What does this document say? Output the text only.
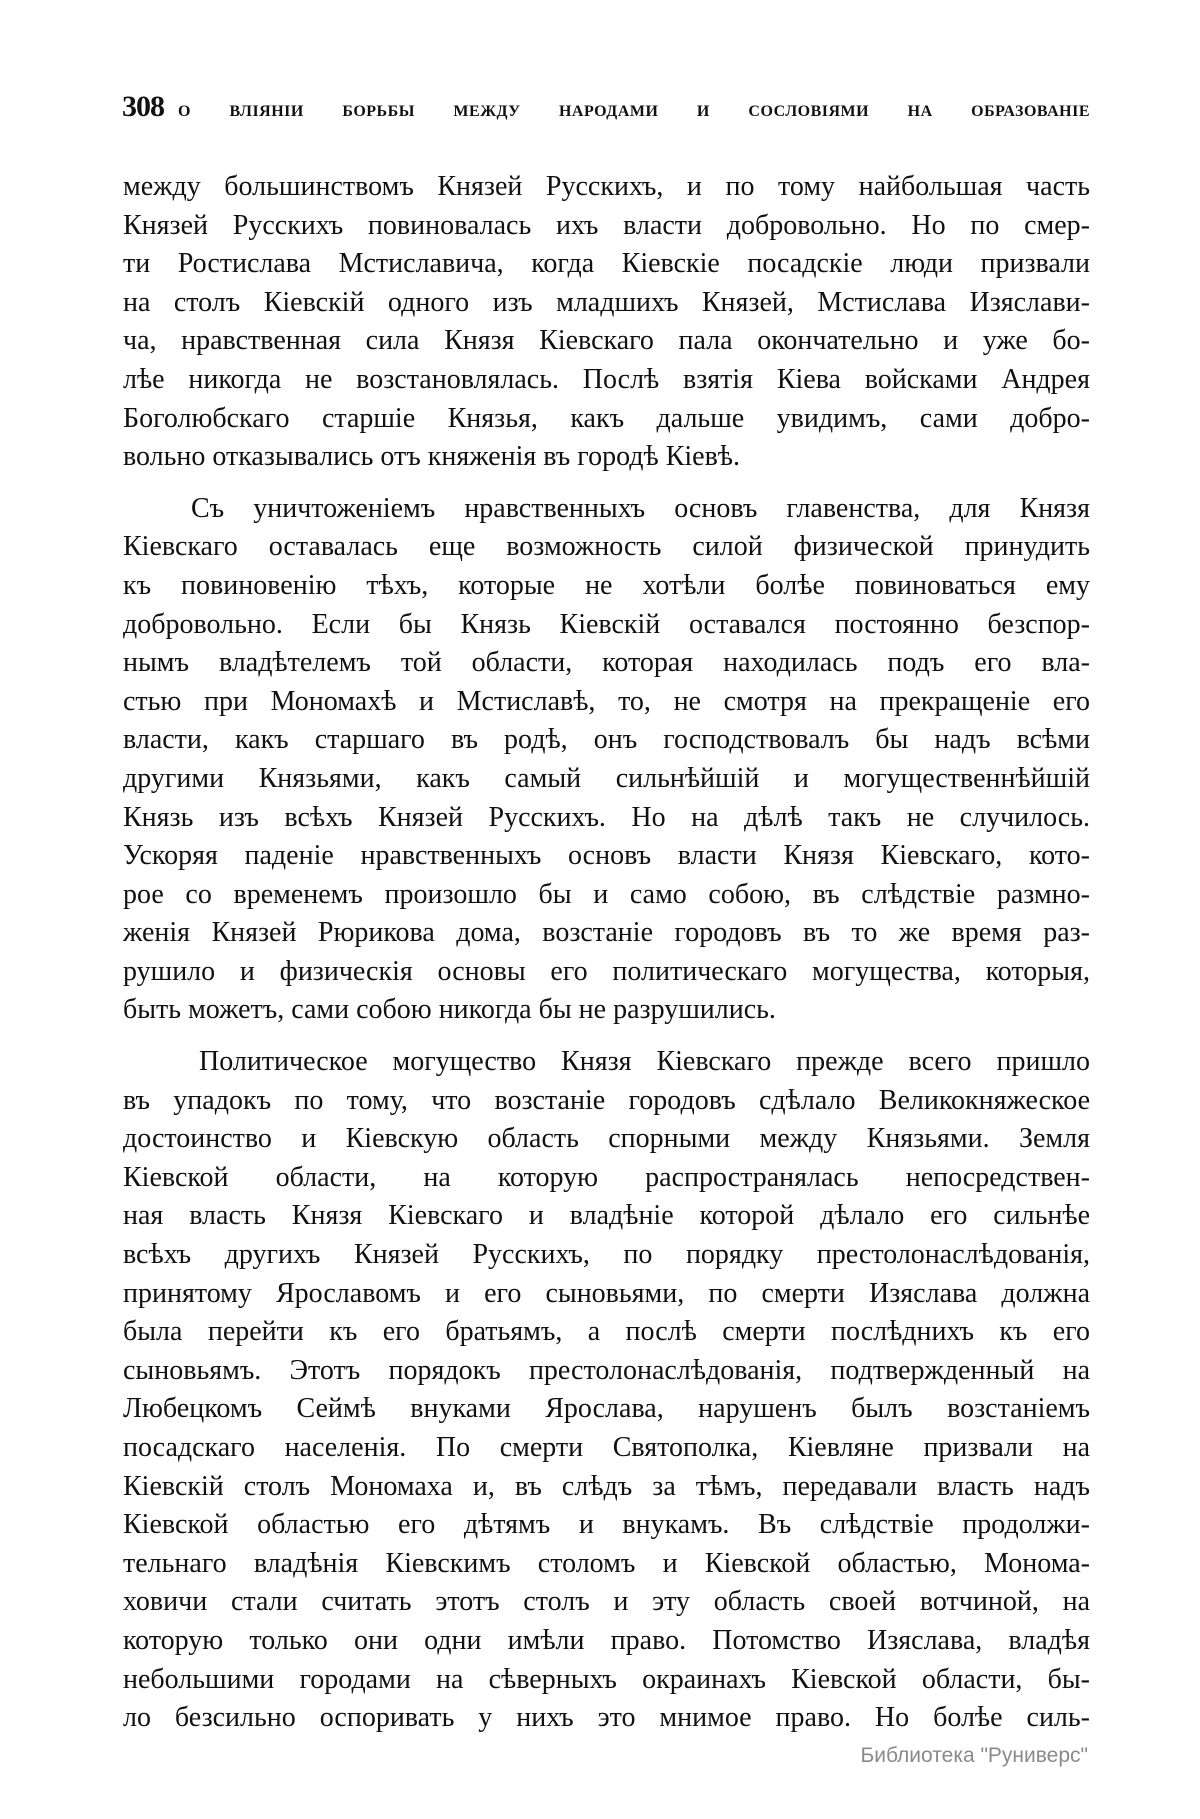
308 О ВЛІЯНІИ БОРЬБЫ МЕЖДУ НАРОДАМИ И СОСЛОВІЯМИ НА ОБРАЗОВАНІЕ
между большинствомъ Князей Русскихъ, и по тому найбольшая часть
Князей Русскихъ повиновалась ихъ власти добровольно. Но по смер-
ти Ростислава Мстиславича, когда Кіевскіе посадскіе люди призвали
на столъ Кіевскій одного изъ младшихъ Князей, Мстислава Изяслави-
ча, нравственная сила Князя Кіевскаго пала окончательно и уже бо-
лѣе никогда не возстановлялась. Послѣ взятія Кіева войсками Андрея
Боголюбскаго старшіе Князья, какъ дальше увидимъ, сами добро-
вольно отказывались отъ княженія въ городѣ Кіевѣ.
Съ уничтоженіемъ нравственныхъ основъ главенства, для Князя
Кіевскаго оставалась еще возможность силой физической принудить
къ повиновенію тѣхъ, которые не хотѣли болѣе повиноваться ему
добровольно. Если бы Князь Кіевскій оставался постоянно безспор-
нымъ владѣтелемъ той области, которая находилась подъ его вла-
стью при Мономахѣ и Мстиславѣ, то, не смотря на прекращеніе его
власти, какъ старшаго въ родѣ, онъ господствовалъ бы надъ всѣми
другими Князьями, какъ самый сильнѣйшій и могущественнѣйшій
Князь изъ всѣхъ Князей Русскихъ. Но на дѣлѣ такъ не случилось.
Ускоряя паденіе нравственныхъ основъ власти Князя Кіевскаго, кото-
рое со временемъ произошло бы и само собою, въ слѣдствіе размно-
женія Князей Рюрикова дома, возстаніе городовъ въ то же время раз-
рушило и физическія основы его политическаго могущества, которыя,
быть можетъ, сами собою никогда бы не разрушились.
Политическое могущество Князя Кіевскаго прежде всего пришло
въ упадокъ по тому, что возстаніе городовъ сдѣлало Великокняжеское
достоинство и Кіевскую область спорными между Князьями. Земля
Кіевской области, на которую распространялась непосредствен-
ная власть Князя Кіевскаго и владѣніе которой дѣлало его сильнѣе
всѣхъ другихъ Князей Русскихъ, по порядку престолонаслѣдованія,
принятому Ярославомъ и его сыновьями, по смерти Изяслава должна
была перейти къ его братьямъ, а послѣ смерти послѣднихъ къ его
сыновьямъ. Этотъ порядокъ престолонаслѣдованія, подтвержденный на
Любецкомъ Сеймѣ внуками Ярослава, нарушенъ былъ возстаніемъ
посадскаго населенія. По смерти Святополка, Кіевляне призвали на
Кіевскій столъ Мономаха и, въ слѣдъ за тѣмъ, передавали власть надъ
Кіевской областью его дѣтямъ и внукамъ. Въ слѣдствіе продолжи-
тельнаго владѣнія Кіевскимъ столомъ и Кіевской областью, Монома-
ховичи стали считать этотъ столъ и эту область своей вотчиной, на
которую только они одни имѣли право. Потомство Изяслава, владѣя
небольшими городами на сѣверныхъ окраинахъ Кіевской области, бы-
ло безсильно оспоривать у нихъ это мнимое право. Но болѣе силь-
Библиотека "Руниверс"
